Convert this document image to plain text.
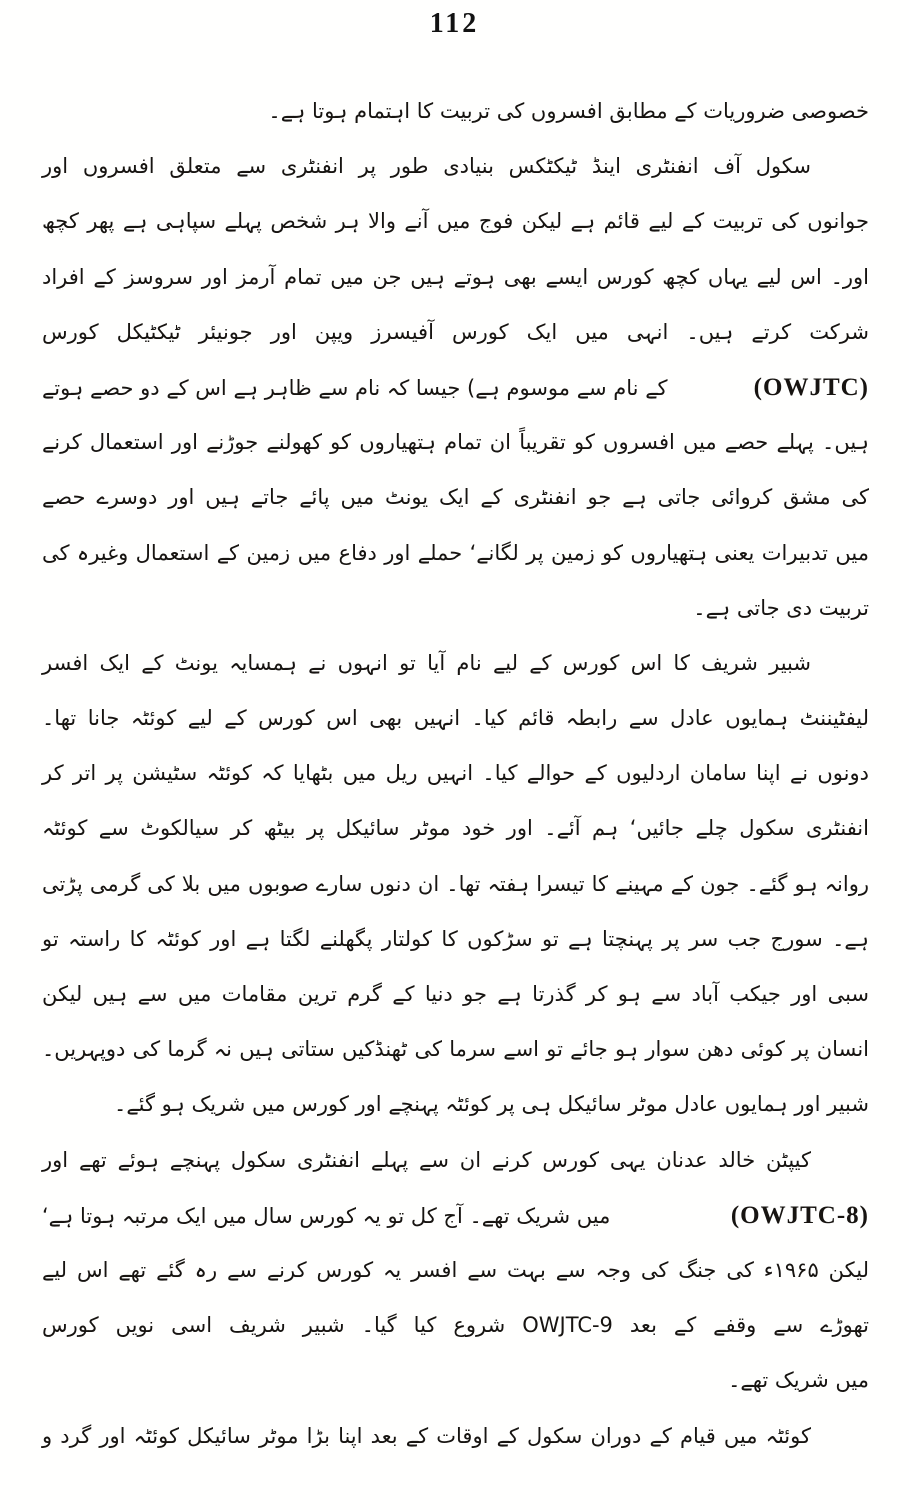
112
خصوصی ضروریات کے مطابق افسروں کی تربیت کا اہتمام ہوتا ہے۔
سکول آف انفنٹری اینڈ ٹیکٹکس بنیادی طور پر انفنٹری سے متعلق افسروں اور
جوانوں کی تربیت کے لیے قائم ہے لیکن فوج میں آنے والا ہر شخص پہلے سپاہی ہے پھر کچھ
اور۔ اس لیے یہاں کچھ کورس ایسے بھی ہوتے ہیں جن میں تمام آرمز اور سروسز کے افراد
شرکت کرتے ہیں۔ انہی میں ایک کورس آفیسرز ویپن اور جونیئر ٹیکٹیکل کورس
(OWJTC)
کے نام سے موسوم ہے) جیسا کہ نام سے ظاہر ہے اس کے دو حصے ہوتے
ہیں۔ پہلے حصے میں افسروں کو تقریباً ان تمام ہتھیاروں کو کھولنے جوڑنے اور استعمال کرنے
کی مشق کروائی جاتی ہے جو انفنٹری کے ایک یونٹ میں پائے جاتے ہیں اور دوسرے حصے
میں تدبیرات یعنی ہتھیاروں کو زمین پر لگانے‘ حملے اور دفاع میں زمین کے استعمال وغیرہ کی
تربیت دی جاتی ہے۔
شبیر شریف کا اس کورس کے لیے نام آیا تو انہوں نے ہمسایہ یونٹ کے ایک افسر
لیفٹیننٹ ہمایوں عادل سے رابطہ قائم کیا۔ انہیں بھی اس کورس کے لیے کوئٹہ جانا تھا۔
دونوں نے اپنا سامان اردلیوں کے حوالے کیا۔ انہیں ریل میں بٹھایا کہ کوئٹہ سٹیشن پر اتر کر
انفنٹری سکول چلے جائیں‘ ہم آئے۔ اور خود موٹر سائیکل پر بیٹھ کر سیالکوٹ سے کوئٹہ
روانہ ہو گئے۔ جون کے مہینے کا تیسرا ہفتہ تھا۔ ان دنوں سارے صوبوں میں بلا کی گرمی پڑتی
ہے۔ سورج جب سر پر پہنچتا ہے تو سڑکوں کا کولتار پگھلنے لگتا ہے اور کوئٹہ کا راستہ تو
سبی اور جیکب آباد سے ہو کر گذرتا ہے جو دنیا کے گرم ترین مقامات میں سے ہیں لیکن
انسان پر کوئی دھن سوار ہو جائے تو اسے سرما کی ٹھنڈکیں ستاتی ہیں نہ گرما کی دوپہریں۔
شبیر اور ہمایوں عادل موٹر سائیکل ہی پر کوئٹہ پہنچے اور کورس میں شریک ہو گئے۔
کیپٹن خالد عدنان یہی کورس کرنے ان سے پہلے انفنٹری سکول پہنچے ہوئے تھے اور
(OWJTC-8)
میں شریک تھے۔ آج کل تو یہ کورس سال میں ایک مرتبہ ہوتا ہے‘
لیکن ۱۹۶۵ء کی جنگ کی وجہ سے بہت سے افسر یہ کورس کرنے سے رہ گئے تھے اس لیے
تھوڑے سے وقفے کے بعد OWJTC-9 شروع کیا گیا۔ شبیر شریف اسی نویں کورس
میں شریک تھے۔
کوئٹہ میں قیام کے دوران سکول کے اوقات کے بعد اپنا بڑا موٹر سائیکل کوئٹہ اور گرد و
